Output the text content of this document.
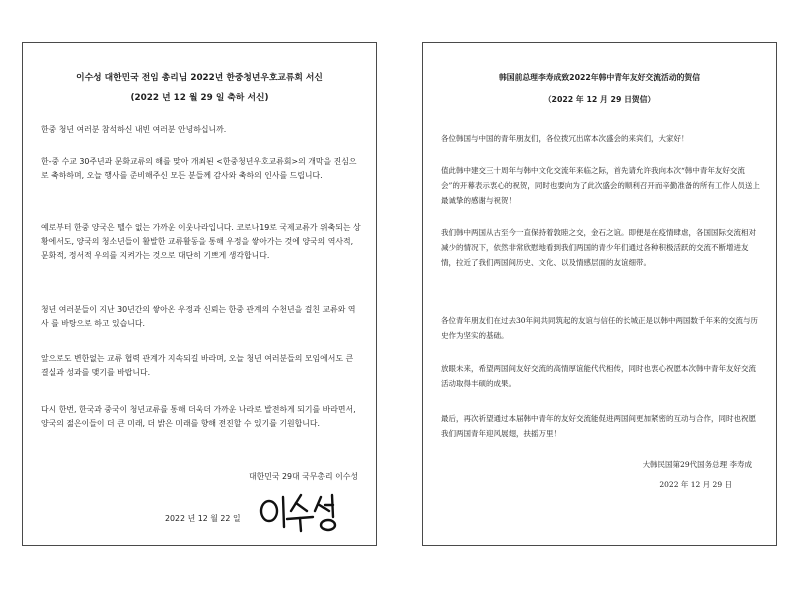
이수성 대한민국 전임 총리님 2022년 한중청년우호교류회 서신
(2022 년 12 월 29 일 축하 서신)

한중 청년 여러분 참석하신 내빈 여러분 안녕하십니까.

한-중 수교 30주년과 문화교류의 해를 맞아 개최된 <한중청년우호교류회>의 개막을 진심으로 축하하며, 오늘 행사를 준비해주신 모든 분들께 감사와 축하의 인사를 드립니다.

예로부터 한중 양국은 뗄수 없는 가까운 이웃나라입니다. 코로나19로 국제교류가 위축되는 상황에서도, 양국의 청소년들이 활발한 교류활동을 통해 우정을 쌓아가는 것에 양국의 역사적, 문화적, 정서적 우의를 지켜가는 것으로 대단히 기쁘게 생각합니다.

청년 여러분들이 지난 30년간의 쌓아온 우정과 신뢰는 한중 관계의 수천년을 걸친 교류와 역사 를 바탕으로 하고 있습니다.

앞으로도 변한없는 교류 협력 관계가 지속되길 바라며, 오늘 청년 여러분들의 모임에서도 큰 결실과 성과를 맺기를 바랍니다.

다시 한번, 한국과 중국이 청년교류를 통해 더욱더 가까운 나라로 발전하게 되기를 바라면서, 양국의 젊은이들이 더 큰 미래, 더 밝은 미래를 향해 전진할 수 있기를 기원합니다.

대한민국 29대 국무총리 이수성
2022 년 12 월 22 일
韩国前总理李寿成致2022年韩中青年友好交流活动的贺信
（2022 年 12 月 29 日贺信）

各位韩国与中国的青年朋友们，各位拨冗出席本次盛会的来宾们，大家好！

值此韩中建交三十周年与韩中文化交流年来临之际，首先请允许我向本次“韩中青年友好交流会”的开幕表示衷心的祝贺，同时也要向为了此次盛会的顺利召开而辛勤准备的所有工作人员送上最诚挚的感谢与祝贺！

我们韩中两国从古至今一直保持着敦睦之交，金石之谊。即便是在疫情肆虐，各国国际交流相对减少的情况下，依然非常欣慰地看到我们两国的青少年们通过各种积极活跃的交流不断增进友情，拉近了我们两国间历史、文化、以及情感层面的友谊细带。

各位青年朋友们在过去30年间共同筑起的友谊与信任的长城正是以韩中两国数千年来的交流与历史作为坚实的基础。

放眼未来，希望两国间友好交流的高情厚谊能代代相传，同时也衷心祝愿本次韩中青年友好交流活动取得丰硕的成果。

最后，再次祈望通过本届韩中青年的友好交流能促进两国间更加紧密的互动与合作，同时也祝愿我们两国青年迎风展翅，扶摇万里！

大韩民国第29代国务总理 李寿成
2022 年 12 月 29 日
